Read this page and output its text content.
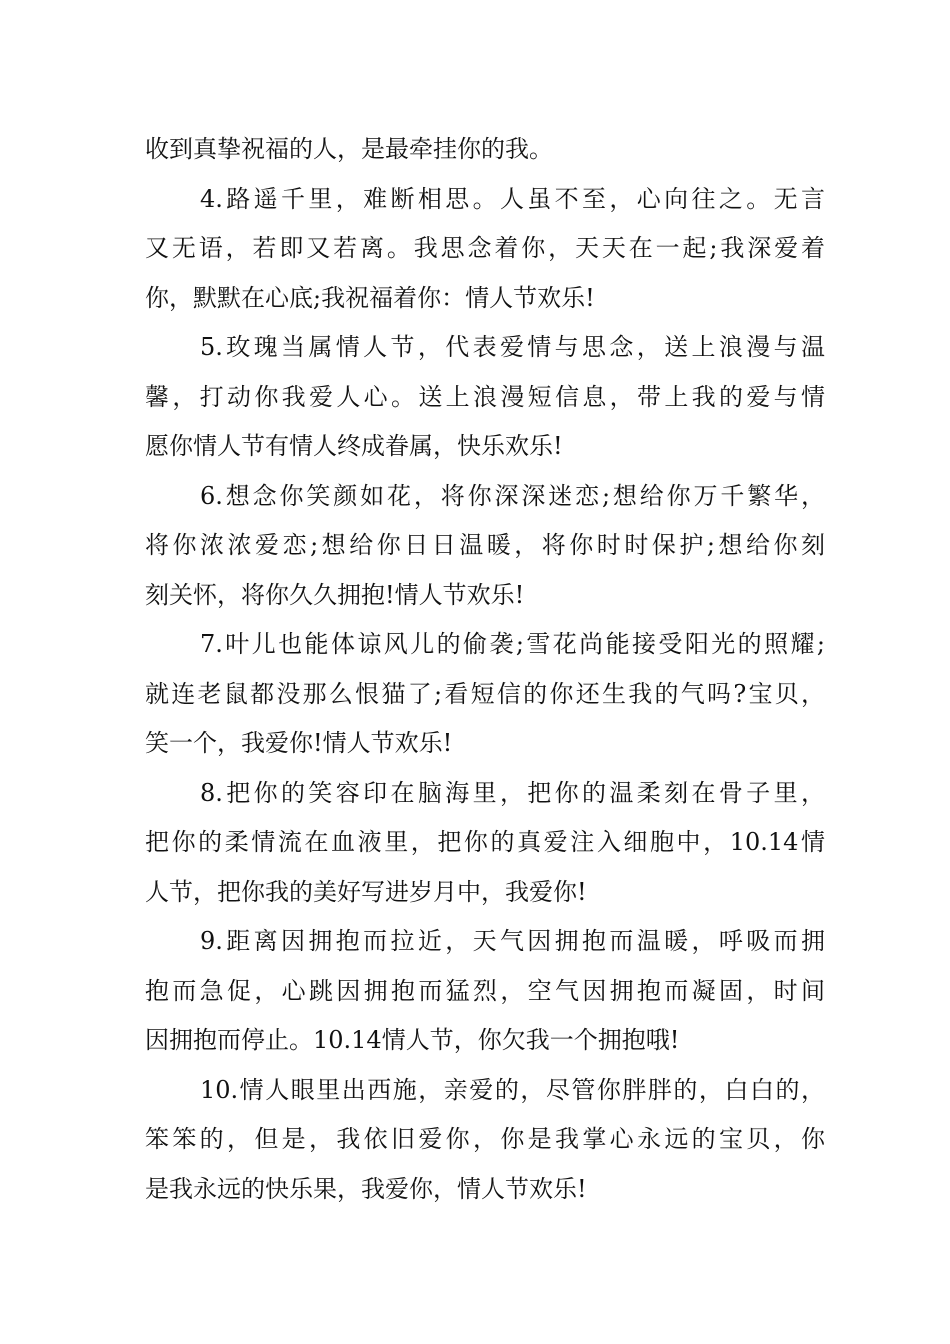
收到真挚祝福的人，是最牵挂你的我。
4.路遥千里，难断相思。人虽不至，心向往之。无言
又无语，若即又若离。我思念着你，天天在一起;我深爱着
你，默默在心底;我祝福着你：情人节欢乐!
5.玫瑰当属情人节，代表爱情与思念，送上浪漫与温
馨，打动你我爱人心。送上浪漫短信息，带上我的爱与情
愿你情人节有情人终成眷属，快乐欢乐!
6.想念你笑颜如花，将你深深迷恋;想给你万千繁华，
将你浓浓爱恋;想给你日日温暖，将你时时保护;想给你刻
刻关怀，将你久久拥抱!情人节欢乐!
7.叶儿也能体谅风儿的偷袭;雪花尚能接受阳光的照耀;
就连老鼠都没那么恨猫了;看短信的你还生我的气吗?宝贝，
笑一个，我爱你!情人节欢乐!
8.把你的笑容印在脑海里，把你的温柔刻在骨子里，
把你的柔情流在血液里，把你的真爱注入细胞中，10.14情
人节，把你我的美好写进岁月中，我爱你!
9.距离因拥抱而拉近，天气因拥抱而温暖，呼吸而拥
抱而急促，心跳因拥抱而猛烈，空气因拥抱而凝固，时间
因拥抱而停止。10.14情人节，你欠我一个拥抱哦!
10.情人眼里出西施，亲爱的，尽管你胖胖的，白白的，
笨笨的，但是，我依旧爱你，你是我掌心永远的宝贝，你
是我永远的快乐果，我爱你，情人节欢乐!
